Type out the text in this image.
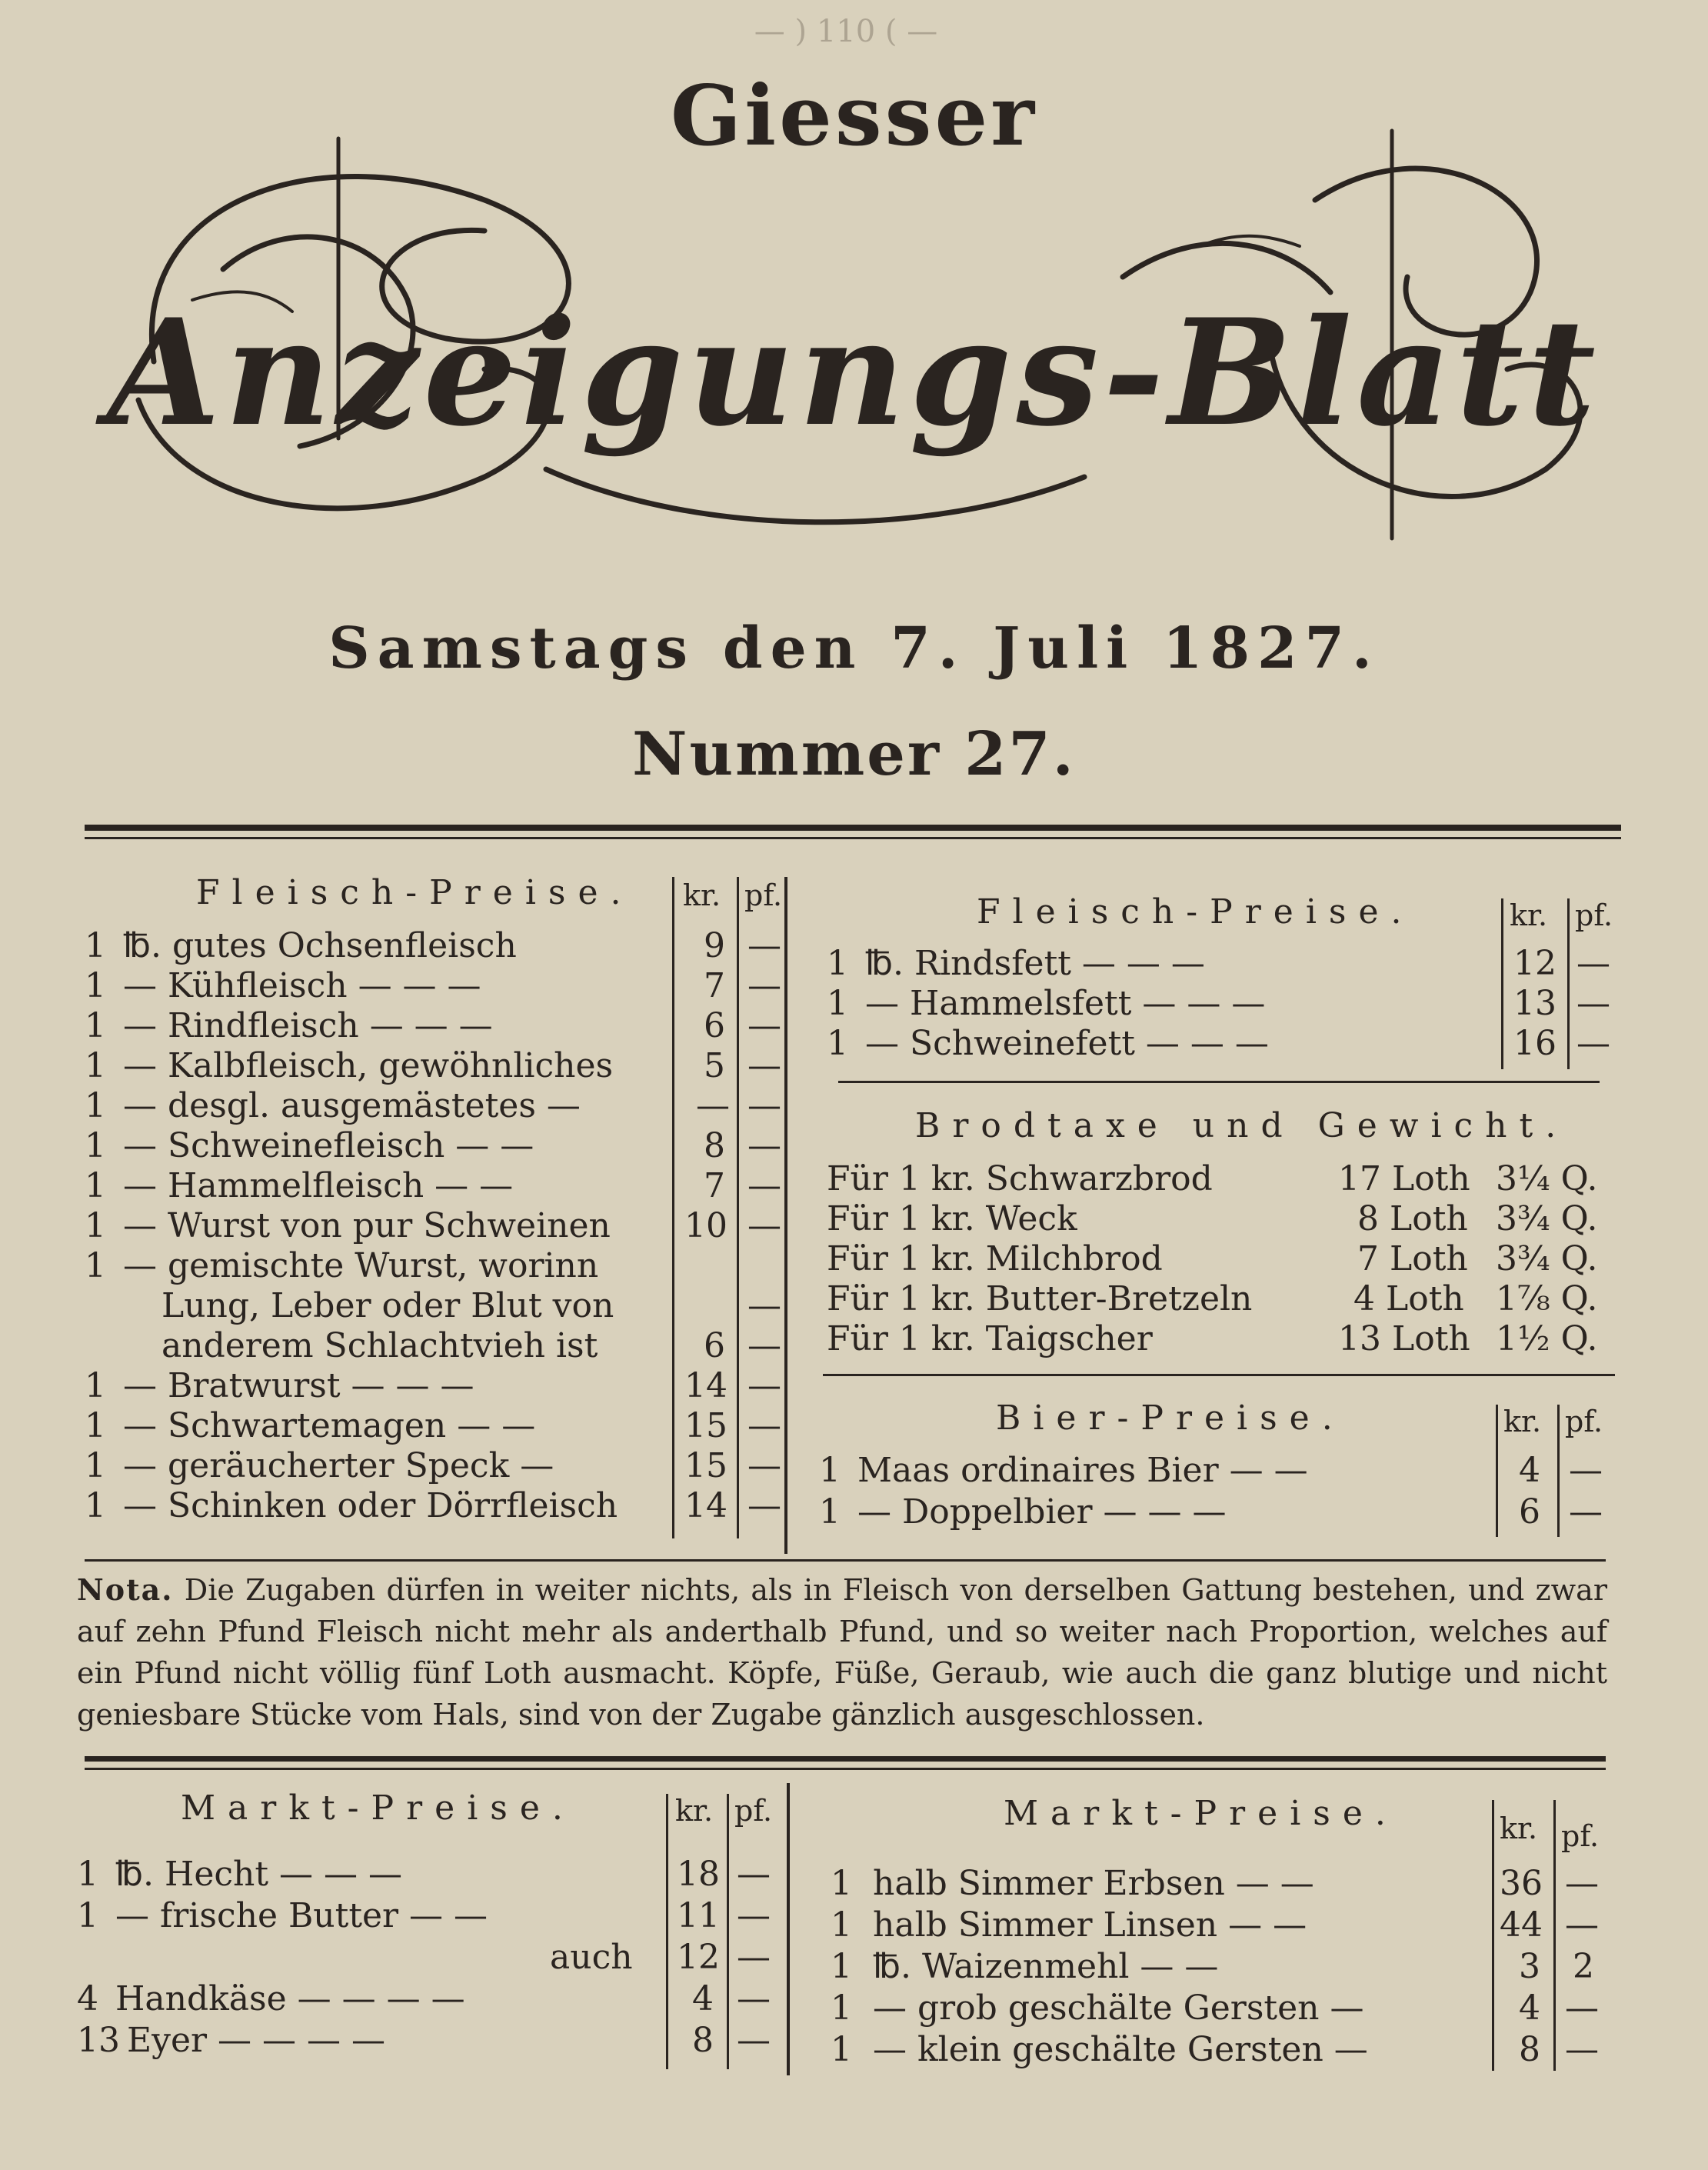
— ) 110 ( —
Giesser
Anzeigungs-Blatt
Samstags den 7. Juli 1827.
Nummer 27.
Fleisch-Preise. kr. pf.
1 ℔. gutes Ochsenfleisch	9 —
1 — Kühfleisch — — —	7 —
1 — Rindfleisch — — —	6 —
1 — Kalbfleisch, gewöhnliches	5 —
1 — desgl. ausgemästetes —	— —
1 — Schweinefleisch — —	8 —
1 — Hammelfleisch — —	7 —
1 — Wurst von pur Schweinen 10 —
1 — gemischte Wurst, worinn
Lung, Leber oder Blut von	—
anderem Schlachtvieh ist	6 —
1 — Bratwurst — — —	14 —
1 — Schwartemagen — —	15 —
1 — geräucherter Speck —	15 —
1 — Schinken oder Dörrfleisch 14 —
Fleisch-Preise.	kr. pf.
1 ℔. Rindsfett — — —	12 —
1 — Hammelsfett — — —	13 —
1 — Schweinefett — — —	16 —
Brodtaxe und Gewicht.
Für 1 kr. Schwarzbrod	17 Loth 3¼ Q.
Für 1 kr. Weck	8 Loth 3¾ Q.
Für 1 kr. Milchbrod	7 Loth 3¾ Q.
Für 1 kr. Butter-Bretzeln	4 Loth 1⅞ Q.
Für 1 kr. Taigscher	13 Loth 1½ Q.
Bier-Preise.	kr. pf.
1 Maas ordinaires Bier — —	4 —
1 — Doppelbier — — —	6 —
Nota. Die Zugaben dürfen in weiter nichts, als in Fleisch von derselben Gattung bestehen, und zwar auf zehn Pfund Fleisch nicht mehr als anderthalb Pfund, und so weiter nach Proportion, welches auf ein Pfund nicht völlig fünf Loth ausmacht. Köpfe, Füße, Geraub, wie auch die ganz blutige und nicht geniesbare Stücke vom Hals, sind von der Zugabe gänzlich ausgeschlossen.
Markt-Preise.	kr. pf.
1 ℔. Hecht — — —	18 —
1 — frische Butter — —	11 —
auch 12 —
4 Handkäse — — — —	4 —
13 Eyer — — — —	8 —
Markt-Preise.	kr. pf.
1 halb Simmer Erbsen — —	36 —
1 halb Simmer Linsen — —	44 —
1 ℔. Waizenmehl — —	3 2
1 — grob geschälte Gersten —	4 —
1 — klein geschälte Gersten —	8 —
